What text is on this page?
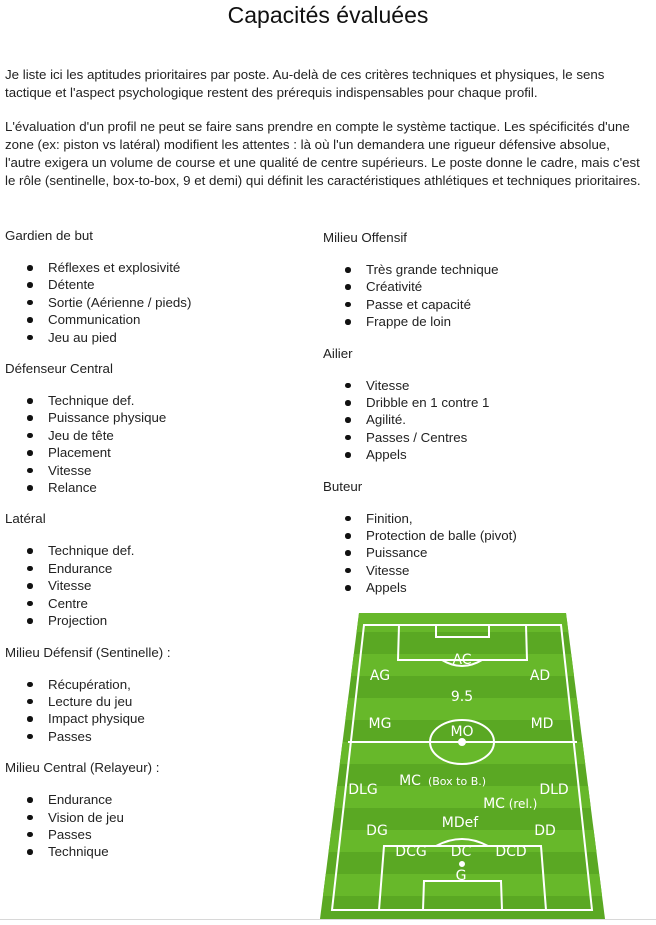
Capacités évaluées

Je liste ici les aptitudes prioritaires par poste. Au-delà de ces critères techniques et physiques, le sens tactique et l'aspect psychologique restent des prérequis indispensables pour chaque profil.

L'évaluation d'un profil ne peut se faire sans prendre en compte le système tactique. Les spécificités d'une zone (ex: piston vs latéral) modifient les attentes : là où l'un demandera une rigueur défensive absolue, l'autre exigera un volume de course et une qualité de centre supérieurs. Le poste donne le cadre, mais c'est le rôle (sentinelle, box-to-box, 9 et demi) qui définit les caractéristiques athlétiques et techniques prioritaires.

Gardien de but
Réflexes et explosivité
Détente
Sortie (Aérienne / pieds)
Communication
Jeu au pied
Défenseur Central
Technique def.
Puissance physique
Jeu de tête
Placement
Vitesse
Relance
Latéral
Technique def.
Endurance
Vitesse
Centre
Projection
Milieu Défensif (Sentinelle) :
Récupération,
Lecture du jeu
Impact physique
Passes
Milieu Central (Relayeur) :
Endurance
Vision de jeu
Passes
Technique
Milieu Offensif
Très grande technique
Créativité
Passe et capacité
Frappe de loin
Ailier
Vitesse
Dribble en 1 contre 1
Agilité.
Passes / Centres
Appels
Buteur
Finition,
Protection de balle (pivot)
Puissance
Vitesse
Appels
AC
AG	AD
9.5
MG	MO	MD
DLG
MC (Box to B.)
DLD
MC (rel.)
DG	MDef	DD
DCG DC DCD
G
